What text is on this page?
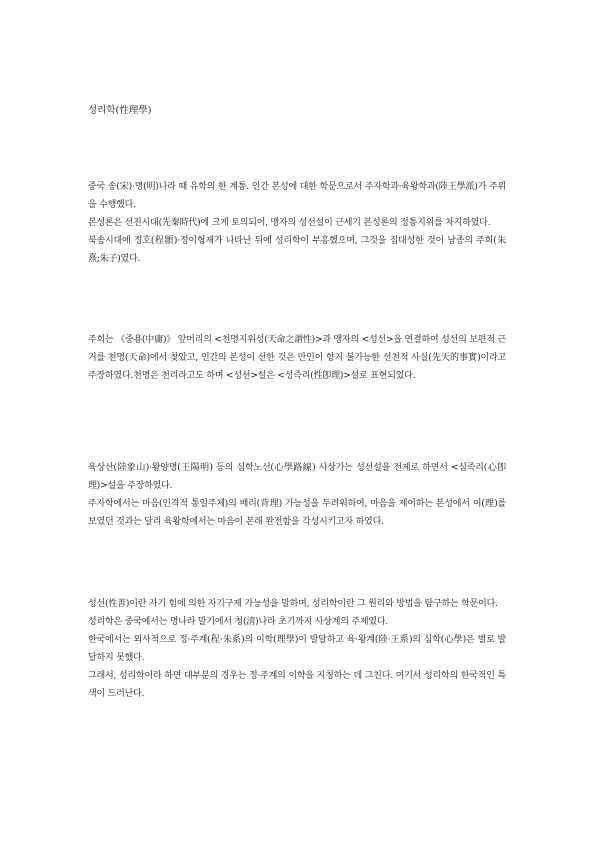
성리학(性理學)

중국 송(宋)·명(明)나라 때 유학의 한 계통. 인간 본성에 대한 학문으로서 주자학과·육왕학과(陸王學派)가 주위을 수행했다.

본성론은 선진시대(先秦時代)에 크게 토의되어, 맹자의 성선설이 근세기 본성론의 정통지위를 차지하였다.

북송시대에 정호(程顥)·정이형제가 나타난 뒤에 성리학이 부흥했으며, 그것을 집대성한 것이 남종의 주희(朱熹;朱子)였다.

주희는 《중용(中庸)》 앞머리의 <천명지위성(天命之謂性)>과 맹자의 <성선>을 연결하여 성선의 보편적 근거를 천명(天命)에서 찾았고, 인간의 본성이 선한 것은 만인이 향거 불가능한 선천적 사실(先天的事實)이라고 주장하였다.천명은 천리라고도 하며 <성선>설은 <성즉리(性卽理)>설로 표현되었다.

육상산(陸象山)·왕양명(王陽明) 등의 심학노선(心學路線) 사상가는 성선설을 전제로 하면서 <심즉리(心卽理)>설을 주장하였다.

주자학에서는 마음(인격적 통일주체)의 배리(背理) 가능성을 두려워하여, 마음을 제어하는 본성에서 이(理)를 보였던 것과는 달리 육왕학에서는 마음이 본래 완전함을 각성시키고자 하였다.

성선(性善)이란 자기 힘에 의한 자기구제 가능성을 말하며, 성리학이란 그 원리와 방법을 탐구하는 학문이다.

성리학은 중국에서는 명나라 말기에서 청(淸)나라 초기까지 사상계의 주제였다.

한국에서는 외사적으로 정·주계(程·朱系)의 이학(理學)이 발달하고 육·왕계(陸·王系)의 심학(心學)은 별로 발달하지 못했다.

그래서, 성리학이라 하면 대부분의 경우는 정·주계의 이학을 지칭하는 데 그친다. 여기서 성리학의 한국적인 특색이 드러난다.
